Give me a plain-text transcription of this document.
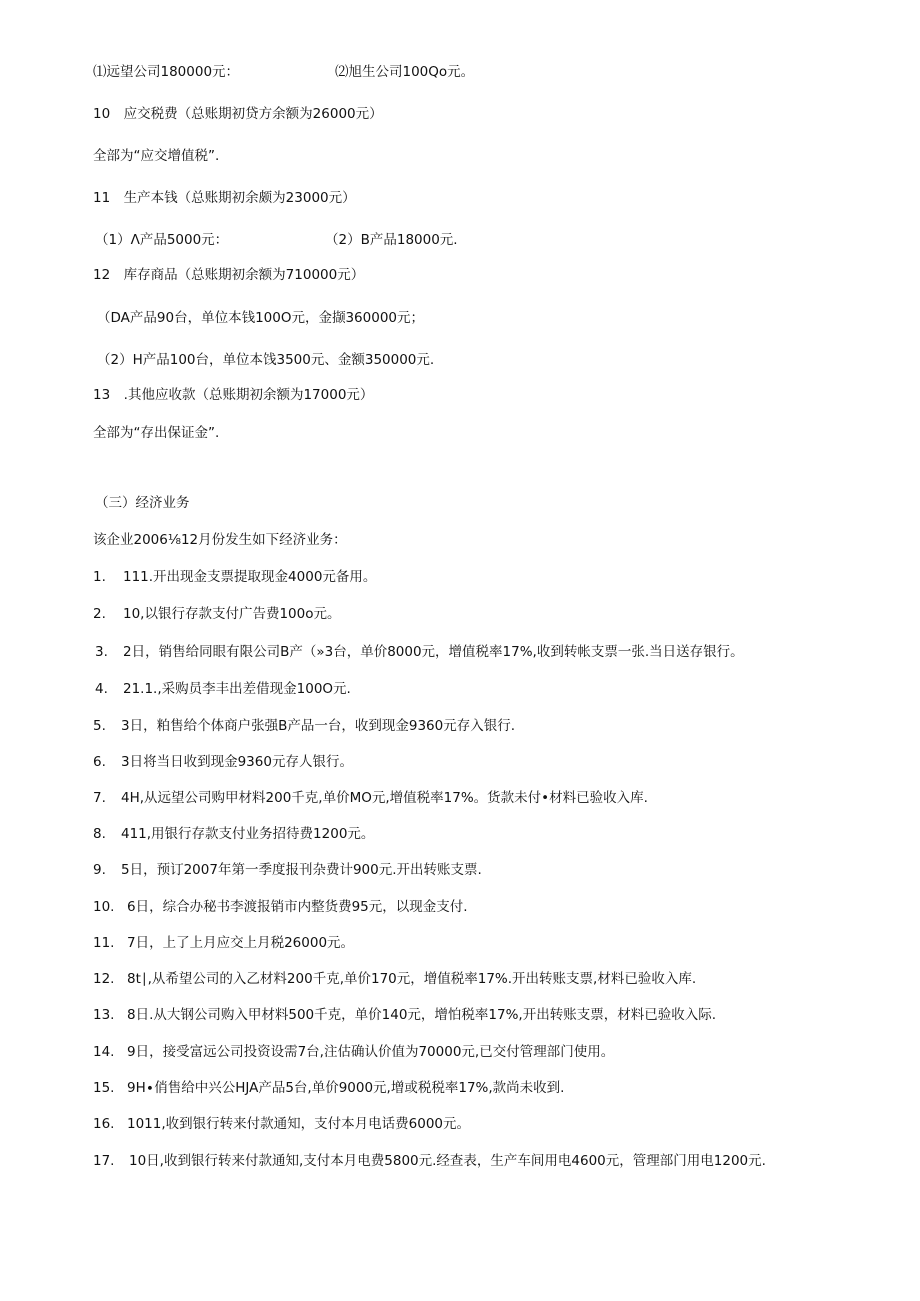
⑴远望公司180000元：	⑵旭生公司100Qo元。
10　应交税费（总账期初贷方余额为26000元）
全部为“应交增值税”.
11　生产本钱（总账期初余颇为23000元）
（1）Λ产品5000元：	（2）B产品18000元.
12　库存商品（总账期初余额为710000元）
（DA产品90台，单位本钱100O元，金撷360000元；
（2）H产品100台，单位本饯3500元、金额350000元.
13　.其他应收款（总账期初余额为17000元）
全部为“存出保证金”.
（三）经济业务
该企业2006⅛12月份发生如下经济业务：
1. 111.开出现金支票提取现金4000元备用。
2. 10,以银行存款支付广告费100o元。
3. 2日，销售给同眼有限公司B产（»3台，单价8000元，增值税率17%,收到转帐支票一张.当日送存银行。
4. 21.1.,采购员李丰出差借现金100O元.
5. 3日，粕售给个体商户张强B产品一台，收到现金9360元存入银行.
6. 3日将当日收到现金9360元存人银行。
7. 4H,从远望公司购甲材料200千克,单价MO元,增值税率17%。货款未付•材料已验收入库.
8. 411,用银行存款支付业务招待费1200元。
9. 5日，预订2007年第一季度报刊杂费计900元.开出转账支票.
10. 6日，综合办秘书李渡报销市内整货费95元，以现金支付.
11. 7日，上了上月应交上月税26000元。
12. 8t∣,从希望公司的入乙材料200千克,单价170元，增值税率17%.开出转账支票,材料已验收入库.
13. 8日.从大钢公司购入甲材料500千克，单价140元，增怕税率17%,开出转账支票，材料已验收入际.
14. 9日，接受富远公司投资设需7台,注估确认价值为70000元,已交付管理部门使用。
15. 9H∙俏售给中兴公HJA产品5台,单价9000元,增或税税率17%,款尚未收到.
16. 1011,收到银行转来付款通知，支付本月电话费6000元。
17. 10日,收到银行转来付款通知,支付本月电费5800元.经查表，生产车间用电4600元，管理部门用电1200元.
